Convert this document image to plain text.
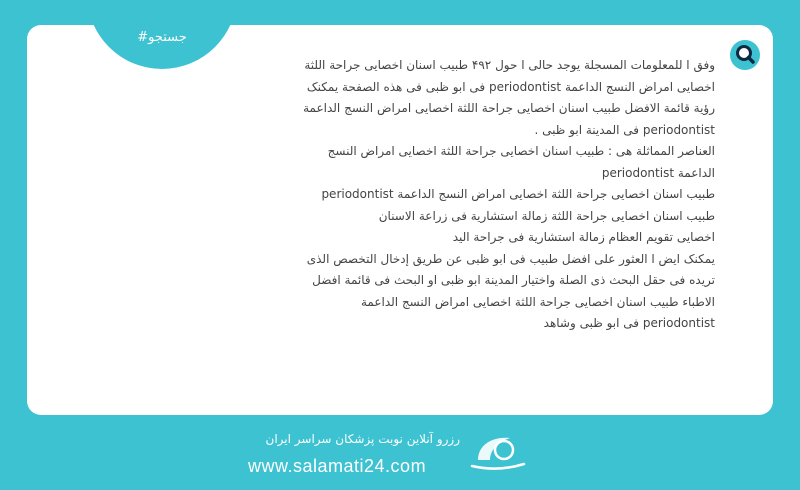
#جستجو

وفق ا للمعلومات المسجلة یوجد حالی ا حول ۴۹۲ طبیب اسنان اخصایی جراحة اللثة اخصایی امراض النسج الداعمة periodontist فی ابو ظبی فی هذه الصفحة یمکنک رؤیة قائمة الافضل طبیب اسنان اخصایی جراحة اللثة اخصایی امراض النسج الداعمة periodontist فی المدینة ابو ظبی .

العناصر المماثلة هی : طبیب اسنان اخصایی جراحة اللثة اخصایی امراض النسج الداعمة periodontist

طبیب اسنان اخصایی جراحة اللثة اخصایی امراض النسج الداعمة periodontist

طبیب اسنان اخصایی جراحة اللثة زمالة استشاریة فی زراعة الاسنان

اخصایی تقویم العظام زمالة استشاریة فی جراحة الید

یمکنک ایض ا العثور علی افضل طبیب فی ابو ظبی عن طریق إدخال التخصص الذی تریده فی حقل البحث ذی الصلة واختیار المدینة ابو ظبی او البحث فی قائمة افضل الاطباء طبیب اسنان اخصایی جراحة اللثة اخصایی امراض النسج الداعمة periodontist فی ابو ظبی وشاهد

رزرو آنلاین نوبت پزشکان سراسر ایران
www.salamati24.com
